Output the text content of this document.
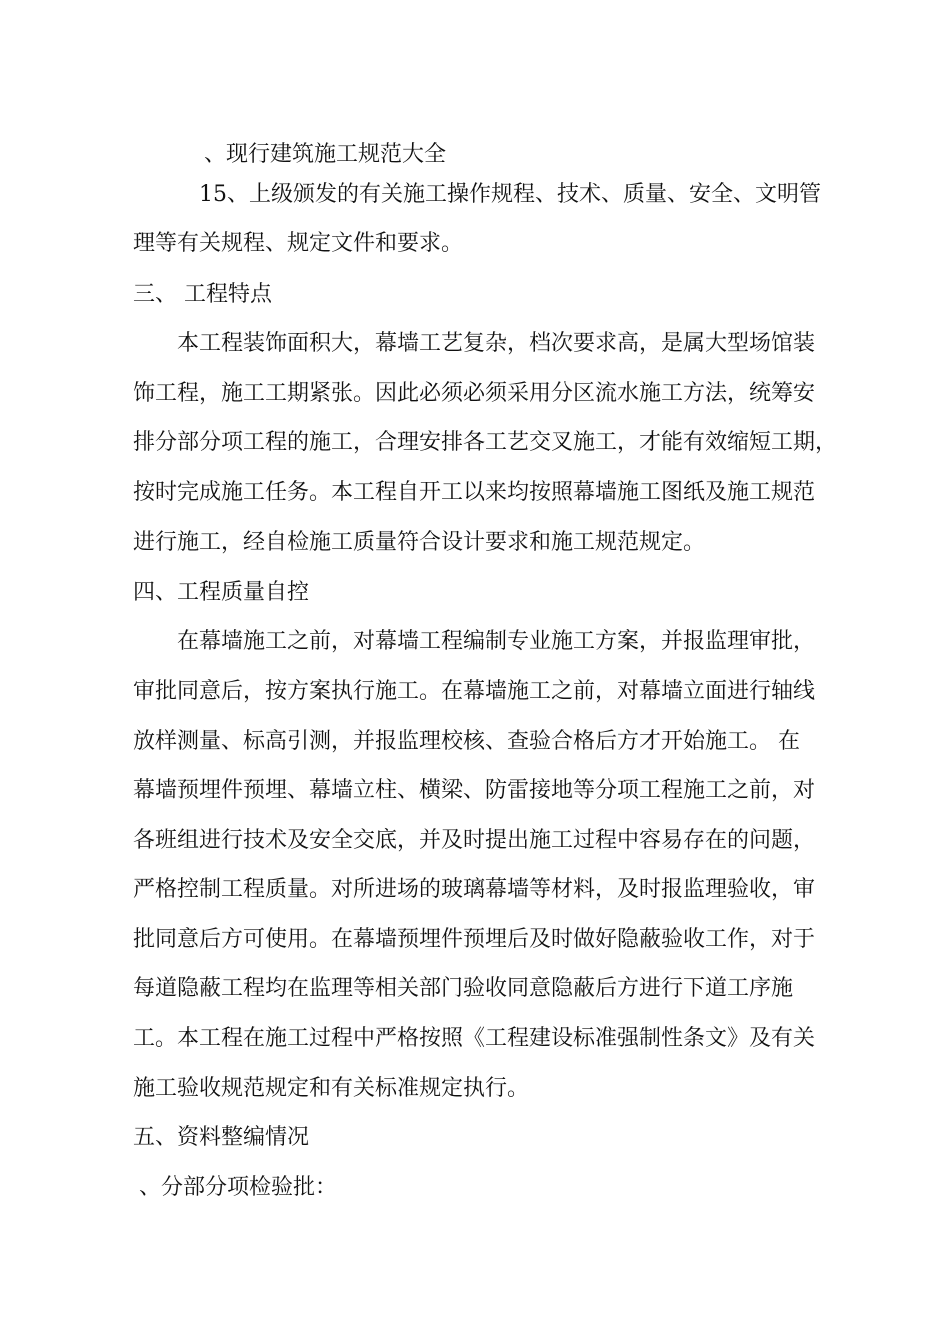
、现行建筑施工规范大全
15、上级颁发的有关施工操作规程、技术、质量、安全、文明管
理等有关规程、规定文件和要求。
三、 工程特点
本工程装饰面积大，幕墙工艺复杂，档次要求高，是属大型场馆装
饰工程，施工工期紧张。因此必须必须采用分区流水施工方法，统筹安
排分部分项工程的施工，合理安排各工艺交叉施工，才能有效缩短工期，
按时完成施工任务。本工程自开工以来均按照幕墙施工图纸及施工规范
进行施工，经自检施工质量符合设计要求和施工规范规定。
四、工程质量自控
在幕墙施工之前，对幕墙工程编制专业施工方案，并报监理审批，
审批同意后，按方案执行施工。在幕墙施工之前，对幕墙立面进行轴线
放样测量、标高引测，并报监理校核、查验合格后方才开始施工。 在
幕墙预埋件预埋、幕墙立柱、横梁、防雷接地等分项工程施工之前，对
各班组进行技术及安全交底，并及时提出施工过程中容易存在的问题，
严格控制工程质量。对所进场的玻璃幕墙等材料，及时报监理验收，审
批同意后方可使用。在幕墙预埋件预埋后及时做好隐蔽验收工作，对于
每道隐蔽工程均在监理等相关部门验收同意隐蔽后方进行下道工序施
工。本工程在施工过程中严格按照《工程建设标准强制性条文》及有关
施工验收规范规定和有关标准规定执行。
五、资料整编情况
、分部分项检验批：
